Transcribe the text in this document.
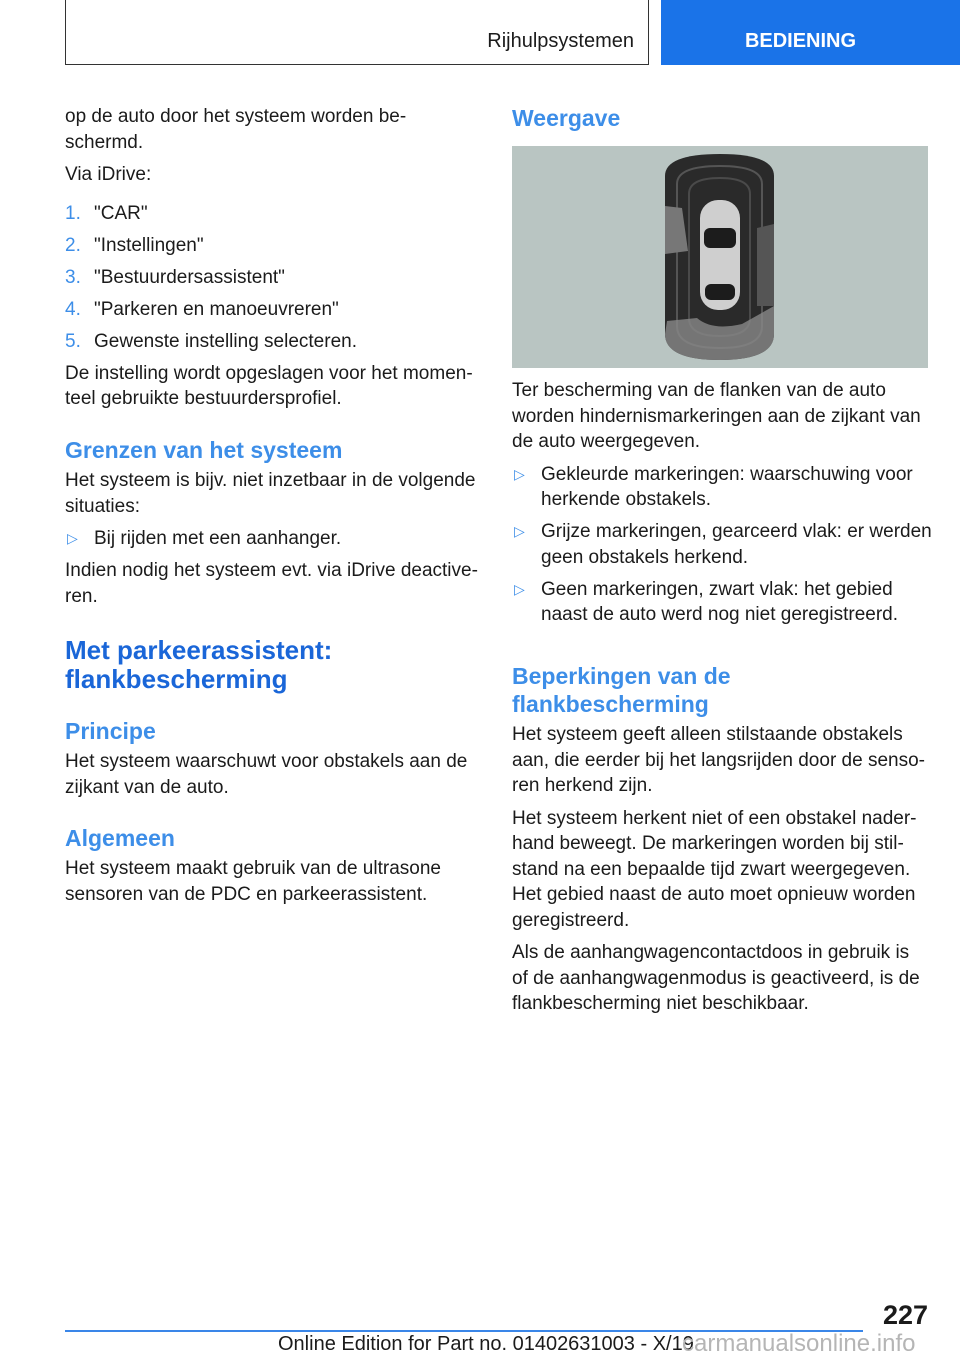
Rijhulpsystemen	BEDIENING
op de auto door het systeem worden be-
schermd.
Via iDrive:
1. "CAR"
2. "Instellingen"
3. "Bestuurdersassistent"
4. "Parkeren en manoeuvreren"
5. Gewenste instelling selecteren.
De instelling wordt opgeslagen voor het momen-
teel gebruikte bestuurdersprofiel.
Grenzen van het systeem
Het systeem is bijv. niet inzetbaar in de volgende
situaties:
▷ Bij rijden met een aanhanger.
Indien nodig het systeem evt. via iDrive deactive-
ren.
Met parkeerassistent:
flankbescherming
Principe
Het systeem waarschuwt voor obstakels aan de
zijkant van de auto.
Algemeen
Het systeem maakt gebruik van de ultrasone
sensoren van de PDC en parkeerassistent.
Weergave
Ter bescherming van de flanken van de auto
worden hindernismarkeringen aan de zijkant van
de auto weergegeven.
▷ Gekleurde markeringen: waarschuwing voor
herkende obstakels.
▷ Grijze markeringen, gearceerd vlak: er werden
geen obstakels herkend.
▷ Geen markeringen, zwart vlak: het gebied
naast de auto werd nog niet geregistreerd.
Beperkingen van de
flankbescherming
Het systeem geeft alleen stilstaande obstakels
aan, die eerder bij het langsrijden door de senso-
ren herkend zijn.
Het systeem herkent niet of een obstakel nader-
hand beweegt. De markeringen worden bij stil-
stand na een bepaalde tijd zwart weergegeven.
Het gebied naast de auto moet opnieuw worden
geregistreerd.
Als de aanhangwagencontactdoos in gebruik is
of de aanhangwagenmodus is geactiveerd, is de
flankbescherming niet beschikbaar.
227
Online Edition for Part no. 01402631003 - X/19
carmanualsonline.info
